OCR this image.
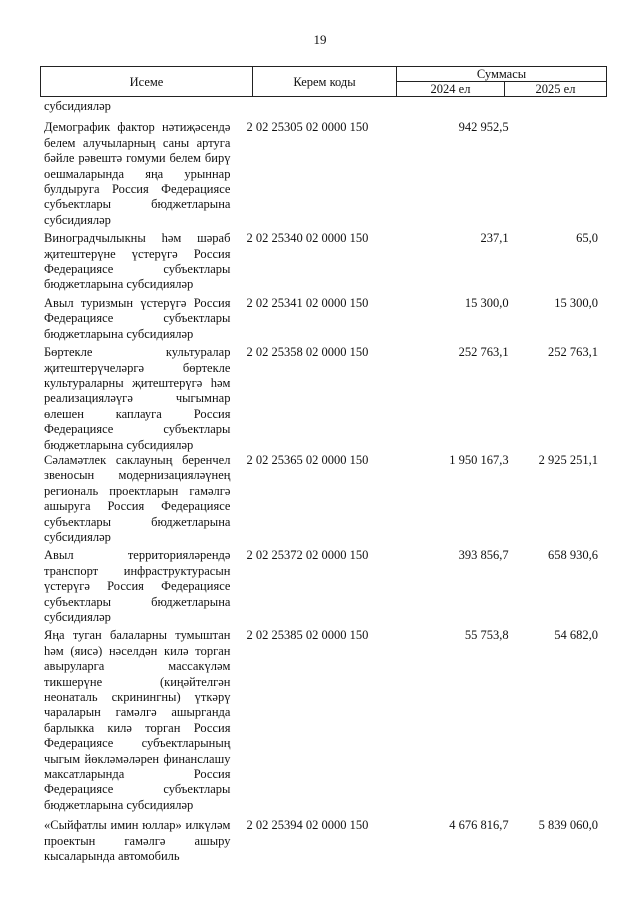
19
Исеме	Керем коды	Суммасы	
		2024 ел	2025 ел
субсидияләр
Демографик фактор нәтиҗәсендә белем алучыларның саны артуга бәйле рәвештә гомуми белем бирү оешмаларында яңа урыннар булдыруга Россия Федерациясе субъектлары бюджетларына субсидияләр
2 02 25305 02 0000 150	942 952,5
Виноградчылыкны һәм шәраб җитештерүне үстерүгә Россия Федерациясе субъектлары бюджетларына субсидияләр
2 02 25340 02 0000 150	237,1	65,0
Авыл туризмын үстерүгә Россия Федерациясе субъектлары бюджетларына субсидияләр
2 02 25341 02 0000 150	15 300,0	15 300,0
Бөртекле культуралар җитештерүчеләргә бөртекле культураларны җитештерүгә һәм реализацияләүгә чыгымнар өлешен каплауга Россия Федерациясе субъектлары бюджетларына субсидияләр
2 02 25358 02 0000 150	252 763,1	252 763,1
Сәламәтлек саклауның беренчел звеносын модернизацияләүнең региональ проектларын гамәлгә ашыруга Россия Федерациясе субъектлары бюджетларына субсидияләр
2 02 25365 02 0000 150	1 950 167,3	2 925 251,1
Авыл территорияләрендә транспорт инфраструктурасын үстерүгә Россия Федерациясе субъектлары бюджетларына субсидияләр
2 02 25372 02 0000 150	393 856,7	658 930,6
Яңа туган балаларны тумыштан һәм (яисә) нәселдән килә торган авыруларга массакүләм тикшерүне (киңәйтелгән неонаталь скринингны) үткәрү чараларын гамәлгә ашырганда барлыкка килә торган Россия Федерациясе субъектларының чыгым йөкләмәләрен финанслашу максатларында Россия Федерациясе субъектлары бюджетларына субсидияләр
2 02 25385 02 0000 150	55 753,8	54 682,0
«Сыйфатлы имин юллар» илкүләм проектын гамәлгә ашыру кысаларында автомобиль
2 02 25394 02 0000 150	4 676 816,7	5 839 060,0
